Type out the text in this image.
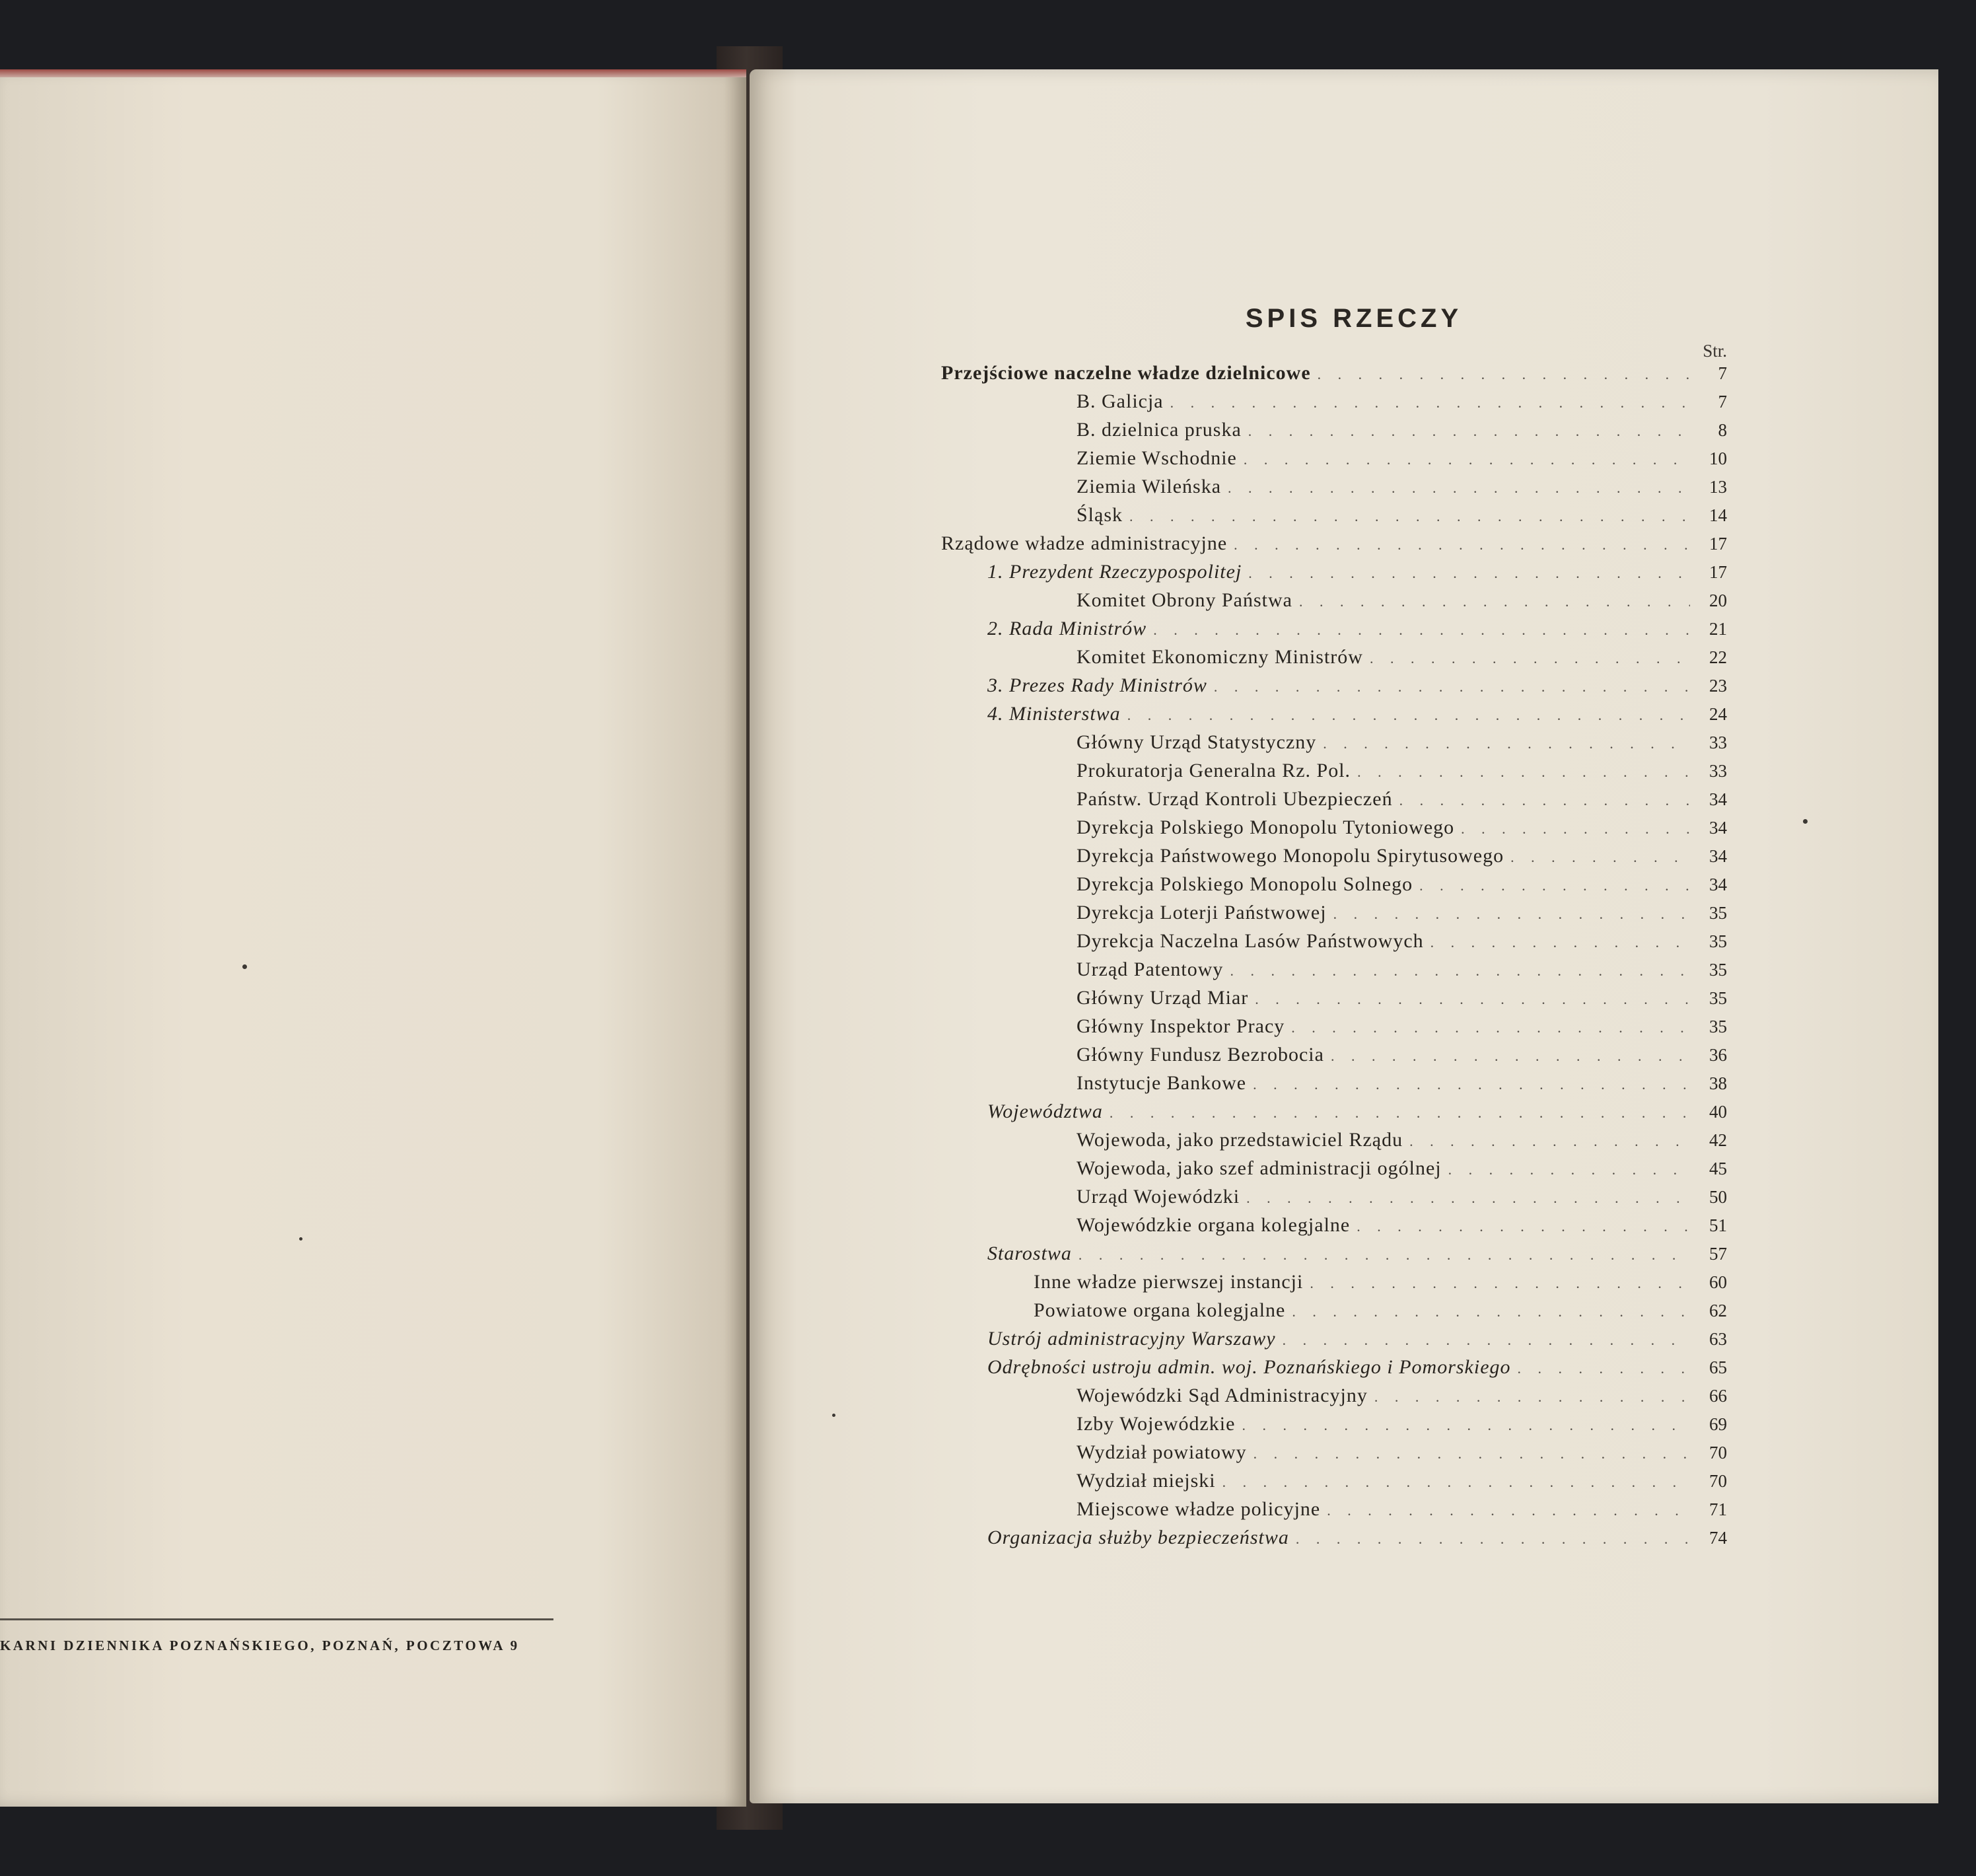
KARNI DZIENNIKA POZNAŃSKIEGO, POZNAŃ, POCZTOWA 9
SPIS RZECZY
Str.
Przejściowe naczelne władze dzielnicowe . . .	7
B. Galicja . . .	7
B. dzielnica pruska . . .	8
Ziemie Wschodnie . . .	10
Ziemia Wileńska . . .	13
Śląsk . . .	14
Rządowe władze administracyjne . . .	17
1. Prezydent Rzeczypospolitej . . .	17
Komitet Obrony Państwa . . .	20
2. Rada Ministrów . . .	21
Komitet Ekonomiczny Ministrów . . .	22
3. Prezes Rady Ministrów . . .	23
4. Ministerstwa . . .	24
Główny Urząd Statystyczny . . .	33
Prokuratorja Generalna Rz. Pol. . . .	33
Państw. Urząd Kontroli Ubezpieczeń . . .	34
Dyrekcja Polskiego Monopolu Tytoniowego . . .	34
Dyrekcja Państwowego Monopolu Spirytusowego . . .	34
Dyrekcja Polskiego Monopolu Solnego . . .	34
Dyrekcja Loterji Państwowej . . .	35
Dyrekcja Naczelna Lasów Państwowych . . .	35
Urząd Patentowy . . .	35
Główny Urząd Miar . . .	35
Główny Inspektor Pracy . . .	35
Główny Fundusz Bezrobocia . . .	36
Instytucje Bankowe . . .	38
Województwa . . .	40
Wojewoda, jako przedstawiciel Rządu . . .	42
Wojewoda, jako szef administracji ogólnej . . .	45
Urząd Wojewódzki . . .	50
Wojewódzkie organa kolegjalne . . .	51
Starostwa . . .	57
Inne władze pierwszej instancji . . .	60
Powiatowe organa kolegjalne . . .	62
Ustrój administracyjny Warszawy . . .	63
Odrębności ustroju admin. woj. Poznańskiego i Pomorskiego . . .	65
Wojewódzki Sąd Administracyjny . . .	66
Izby Wojewódzkie . . .	69
Wydział powiatowy . . .	70
Wydział miejski . . .	70
Miejscowe władze policyjne . . .	71
Organizacja służby bezpieczeństwa . . .	74
